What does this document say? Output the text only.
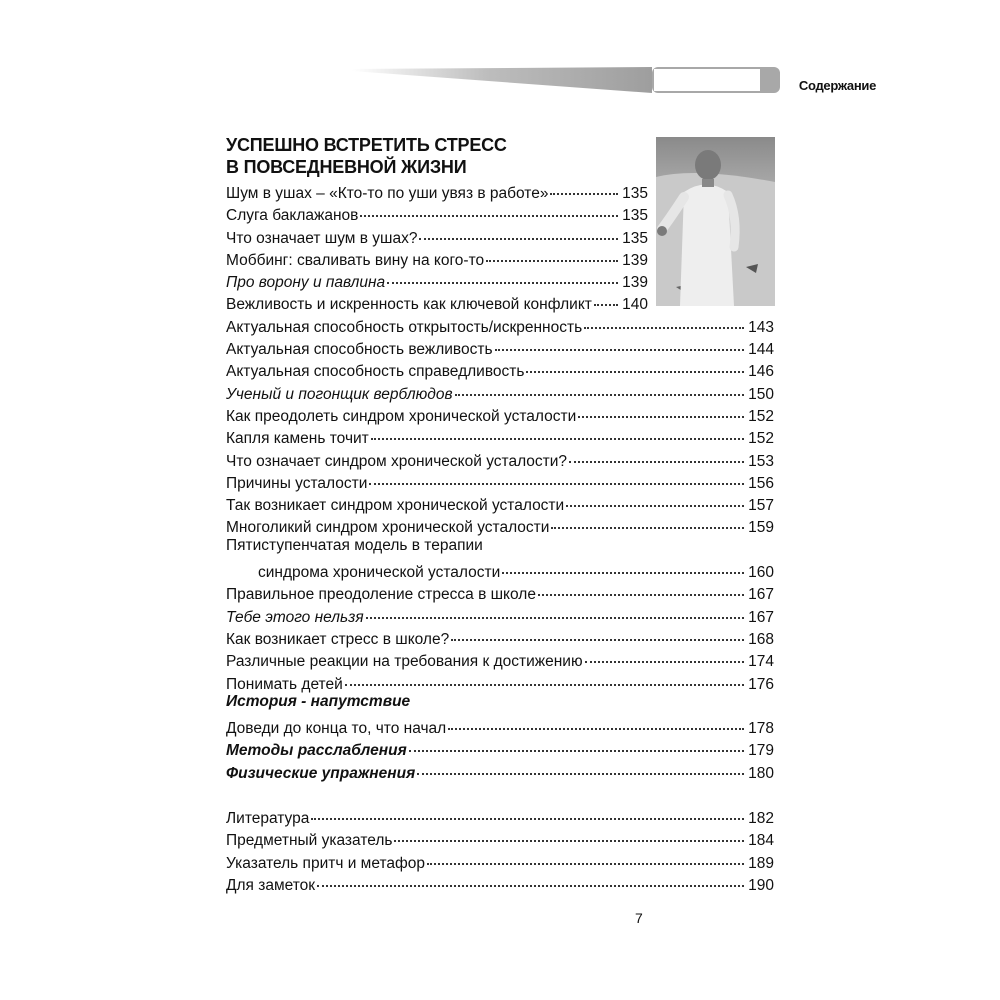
Содержание
УСПЕШНО ВСТРЕТИТЬ СТРЕСС
В ПОВСЕДНЕВНОЙ ЖИЗНИ
Шум в ушах – «Кто-то по уши увяз в работе»	135
Слуга баклажанов	135
Что означает шум в ушах?	135
Моббинг: сваливать вину на кого-то	139
Про ворону и павлина	139
Вежливость и искренность как ключевой конфликт 140
Актуальная способность открытость/искренность	143
Актуальная способность вежливость	144
Актуальная способность справедливость	146
Ученый и погонщик верблюдов	150
Как преодолеть синдром хронической усталости	152
Капля камень точит	152
Что означает синдром хронической усталости?	153
Причины усталости	156
Так возникает синдром хронической усталости	157
Многоликий синдром хронической усталости	159
Пятиступенчатая модель в терапии
синдрома хронической усталости	160
Правильное преодоление стресса в школе	167
Тебе этого нельзя	167
Как возникает стресс в школе?	168
Различные реакции на требования к достижению	174
Понимать детей	176
История - напутствие
Доведи до конца то, что начал	178
Методы расслабления	179
Физические упражнения	180
Литература	182
Предметный указатель	184
Указатель притч и метафор	189
Для заметок	190
7
